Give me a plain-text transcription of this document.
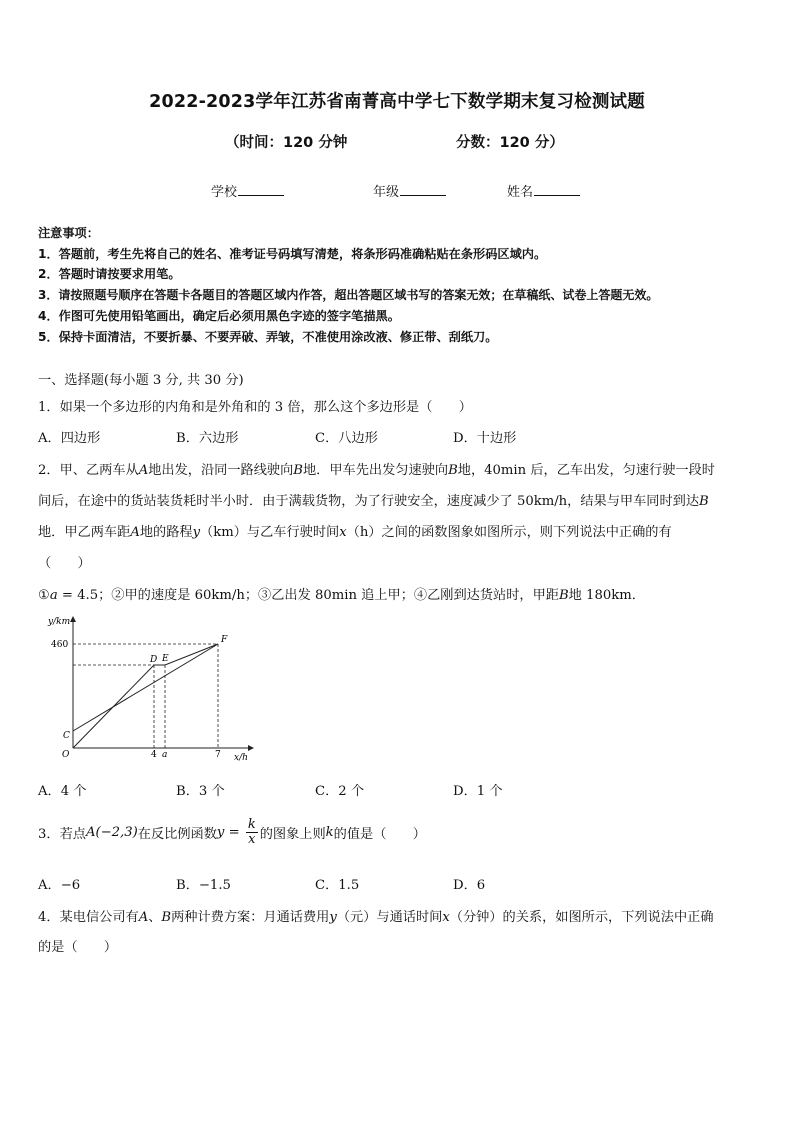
2022-2023学年江苏省南菁高中学七下数学期末复习检测试题
（时间：120 分钟	分数：120 分）
学校	年级	姓名
注意事项：
1．答题前，考生先将自己的姓名、准考证号码填写清楚，将条形码准确粘贴在条形码区域内。
2．答题时请按要求用笔。
3．请按照题号顺序在答题卡各题目的答题区域内作答，超出答题区域书写的答案无效；在草稿纸、试卷上答题无效。
4．作图可先使用铅笔画出，确定后必须用黑色字迹的签字笔描黑。
5．保持卡面清洁，不要折暴、不要弄破、弄皱，不准使用涂改液、修正带、刮纸刀。
一、选择题(每小题 3 分, 共 30 分)
1．如果一个多边形的内角和是外角和的 3 倍，那么这个多边形是（　　）
A．四边形	B．六边形	C．八边形	D．十边形
2．甲、乙两车从A地出发，沿同一路线驶向B地．甲车先出发匀速驶向B地，40min 后，乙车出发，匀速行驶一段时
间后，在途中的货站装货耗时半小时．由于满载货物，为了行驶安全，速度减少了 50km/h，结果与甲车同时到达B
地．甲乙两车距A地的路程y（km）与乙车行驶时间x（h）之间的函数图象如图所示，则下列说法中正确的有
（　　）
①a = 4.5；②甲的速度是 60km/h；③乙出发 80min 追上甲；④乙刚到达货站时，甲距B地 180km．
y/km
x/h
460
4 a	7
O
C
D E
F
A．4 个	B．3 个	C．2 个	D．1 个
3．若点A(−2,3)在反比例函数$y = \frac{k}{x}$ 的图象上则k的值是（　　）
A．−6	B．−1.5	C．1.5	D．6
4．某电信公司有A、B两种计费方案：月通话费用y（元）与通话时间x（分钟）的关系，如图所示，下列说法中正确
的是（　　）
